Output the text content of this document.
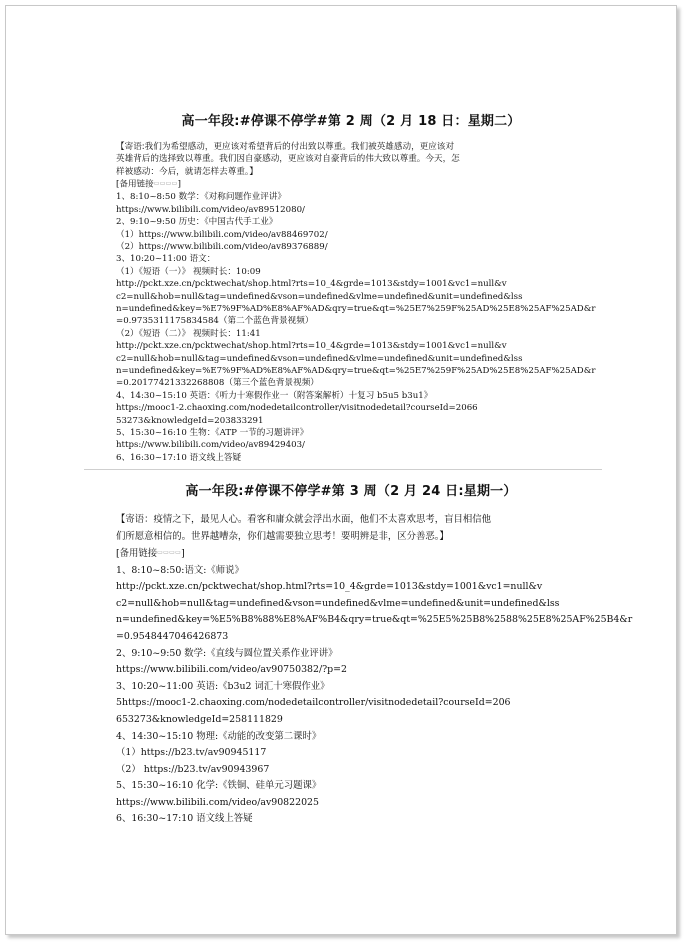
高一年段:#停课不停学#第 2 周（2 月 18 日：星期二）
【寄语:我们为希望感动，更应该对希望背后的付出致以尊重。我们被英雄感动，更应该对
英雄背后的选择致以尊重。我们因自豪感动，更应该对自豪背后的伟大致以尊重。今天，怎
样被感动：今后，就请怎样去尊重。】
[备用链接▭▭▭▭]
1、8:10~8:50 数学：《对称问题作业评讲》
https://www.bilibili.com/video/av89512080/
2、9:10~9:50 历史：《中国古代手工业》
（1）https://www.bilibili.com/video/av88469702/
（2）https://www.bilibili.com/video/av89376889/
3、10:20~11:00 语文：
（1）《短语（一）》 视频时长：10:09
http://pckt.xze.cn/pcktwechat/shop.html?rts=10_4&grde=1013&stdy=1001&vc1=null&v
c2=null&hob=null&tag=undefined&vson=undefined&vlme=undefined&unit=undefined&lss
n=undefined&key=%E7%9F%AD%E8%AF%AD&qry=true&qt=%25E7%259F%25AD%25E8%25AF%25AD&r
=0.9735311175834584（第二个蓝色背景视频）
（2）《短语（二）》 视频时长：11:41
http://pckt.xze.cn/pcktwechat/shop.html?rts=10_4&grde=1013&stdy=1001&vc1=null&v
c2=null&hob=null&tag=undefined&vson=undefined&vlme=undefined&unit=undefined&lss
n=undefined&key=%E7%9F%AD%E8%AF%AD&qry=true&qt=%25E7%259F%25AD%25E8%25AF%25AD&r
=0.20177421332268808（第三个蓝色背景视频）
4、14:30~15:10 英语：《听力十寒假作业一（附答案解析）十复习 b5u5 b3u1》
https://mooc1-2.chaoxing.com/nodedetailcontroller/visitnodedetail?courseId=2066
53273&knowledgeId=203833291
5、15:30~16:10 生物：《ATP 一节的习题讲评》
https://www.bilibili.com/video/av89429403/
6、16:30~17:10 语文线上答疑
高一年段:#停课不停学#第 3 周（2 月 24 日:星期一）
【寄语：疫情之下，最见人心。看客和庸众就会浮出水面，他们不太喜欢思考，盲目相信他
们所愿意相信的。世界越嘈杂，你们越需要独立思考！要明辨是非，区分善恶。】
[备用链接▭▭▭▭]
1、8:10~8:50:语文:《师说》
http://pckt.xze.cn/pcktwechat/shop.html?rts=10_4&grde=1013&stdy=1001&vc1=null&v
c2=null&hob=null&tag=undefined&vson=undefined&vlme=undefined&unit=undefined&lss
n=undefined&key=%E5%B8%88%E8%AF%B4&qry=true&qt=%25E5%25B8%2588%25E8%25AF%25B4&r
=0.9548447046426873
2、9:10~9:50 数学:《直线与圆位置关系作业评讲》
https://www.bilibili.com/video/av90750382/?p=2
3、10:20~11:00 英语:《b3u2 词汇十寒假作业》
5https://mooc1-2.chaoxing.com/nodedetailcontroller/visitnodedetail?courseId=206
653273&knowledgeId=258111829
4、14:30~15:10 物理:《动能的改变第二课时》
（1）https://b23.tv/av90945117
（2） https://b23.tv/av90943967
5、15:30~16:10 化学:《铁铜、硅单元习题课》
https://www.bilibili.com/video/av90822025
6、16:30~17:10 语文线上答疑
